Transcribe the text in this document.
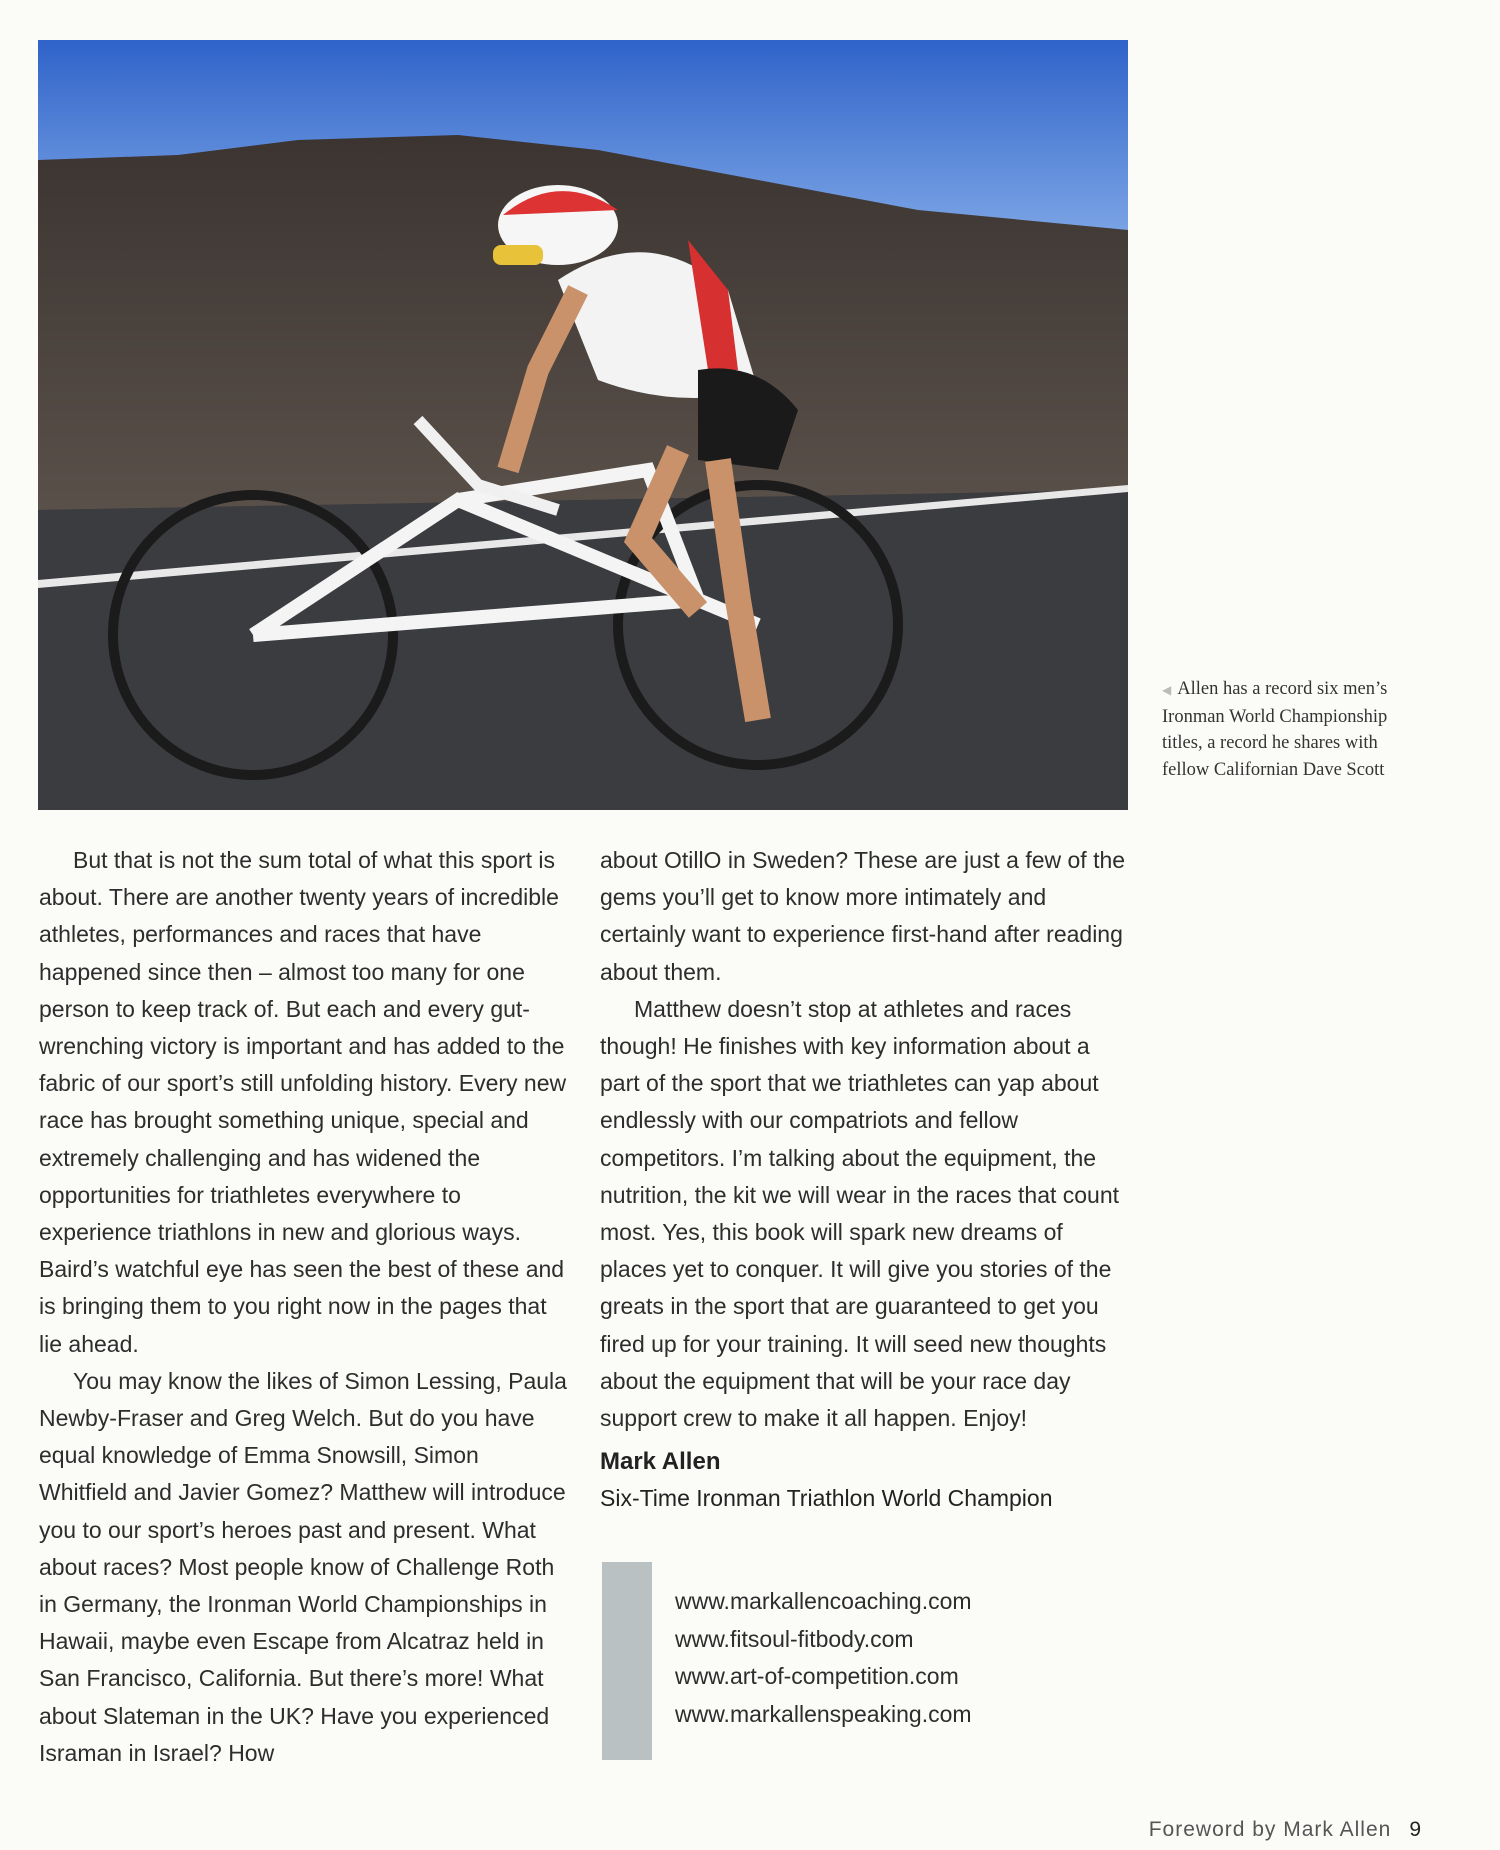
◀ Allen has a record six men’s Ironman World Championship titles, a record he shares with fellow Californian Dave Scott

But that is not the sum total of what this sport is about. There are another twenty years of incredible athletes, performances and races that have happened since then – almost too many for one person to keep track of. But each and every gut-wrenching victory is important and has added to the fabric of our sport’s still unfolding history. Every new race has brought something unique, special and extremely challenging and has widened the opportunities for triathletes everywhere to experience triathlons in new and glorious ways. Baird’s watchful eye has seen the best of these and is bringing them to you right now in the pages that lie ahead.

You may know the likes of Simon Lessing, Paula Newby-Fraser and Greg Welch. But do you have equal knowledge of Emma Snowsill, Simon Whitfield and Javier Gomez? Matthew will introduce you to our sport’s heroes past and present. What about races? Most people know of Challenge Roth in Germany, the Ironman World Championships in Hawaii, maybe even Escape from Alcatraz held in San Francisco, California. But there’s more! What about Slateman in the UK? Have you experienced Israman in Israel? How

about OtillO in Sweden? These are just a few of the gems you’ll get to know more intimately and certainly want to experience first-hand after reading about them.

Matthew doesn’t stop at athletes and races though! He finishes with key information about a part of the sport that we triathletes can yap about endlessly with our compatriots and fellow competitors. I’m talking about the equipment, the nutrition, the kit we will wear in the races that count most. Yes, this book will spark new dreams of places yet to conquer. It will give you stories of the greats in the sport that are guaranteed to get you fired up for your training. It will seed new thoughts about the equipment that will be your race day support crew to make it all happen. Enjoy!

Mark Allen
Six-Time Ironman Triathlon World Champion
www.markallencoaching.com
www.fitsoul-fitbody.com
www.art-of-competition.com
www.markallenspeaking.com
Foreword by Mark Allen 9
